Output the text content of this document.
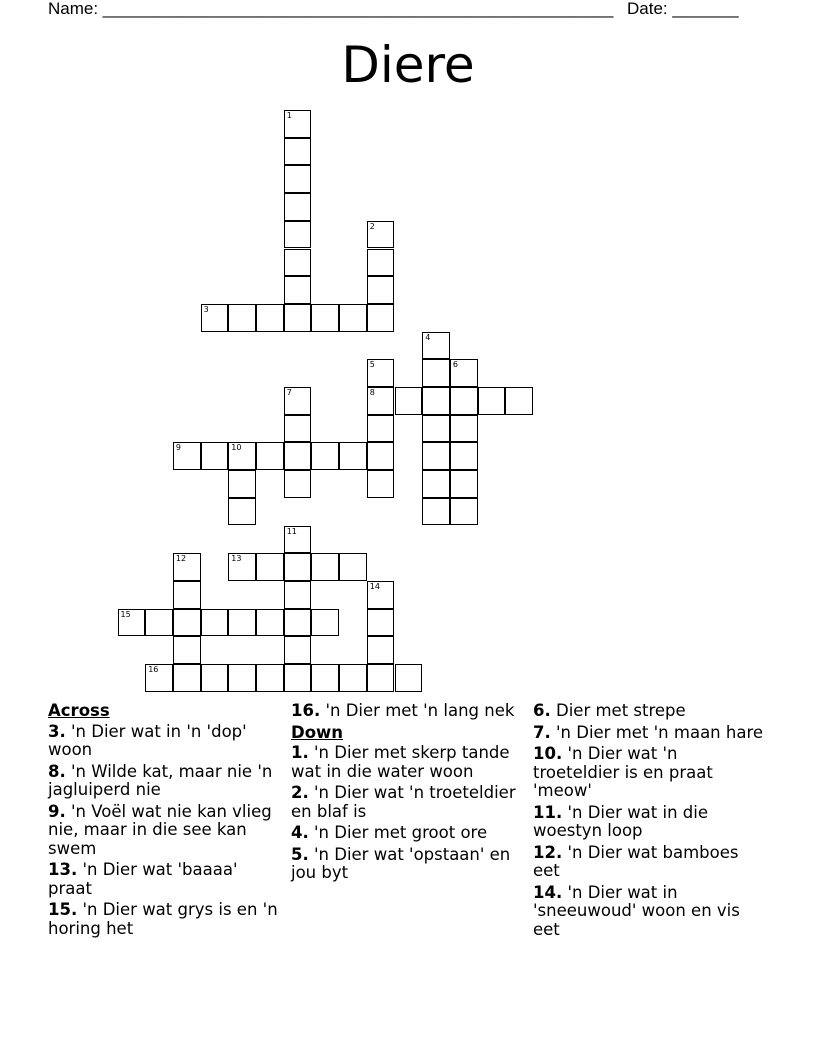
Name: ______________________________________________________ Date: _______
Diere
1
2
3
4
5	6
7	8
9	10
11
12	13
14
15
16
Across
3. 'n Dier wat in 'n 'dop' woon
8. 'n Wilde kat, maar nie 'n jagluiperd nie
9. 'n Voël wat nie kan vlieg nie, maar in die see kan swem
13. 'n Dier wat 'baaaa' praat
15. 'n Dier wat grys is en 'n horing het
16. 'n Dier met 'n lang nek
Down
1. 'n Dier met skerp tande wat in die water woon
2. 'n Dier wat 'n troeteldier en blaf is
4. 'n Dier met groot ore
5. 'n Dier wat 'opstaan' en jou byt
6. Dier met strepe
7. 'n Dier met 'n maan hare
10. 'n Dier wat 'n troeteldier is en praat 'meow'
11. 'n Dier wat in die woestyn loop
12. 'n Dier wat bamboes eet
14. 'n Dier wat in 'sneeuwoud' woon en vis eet
